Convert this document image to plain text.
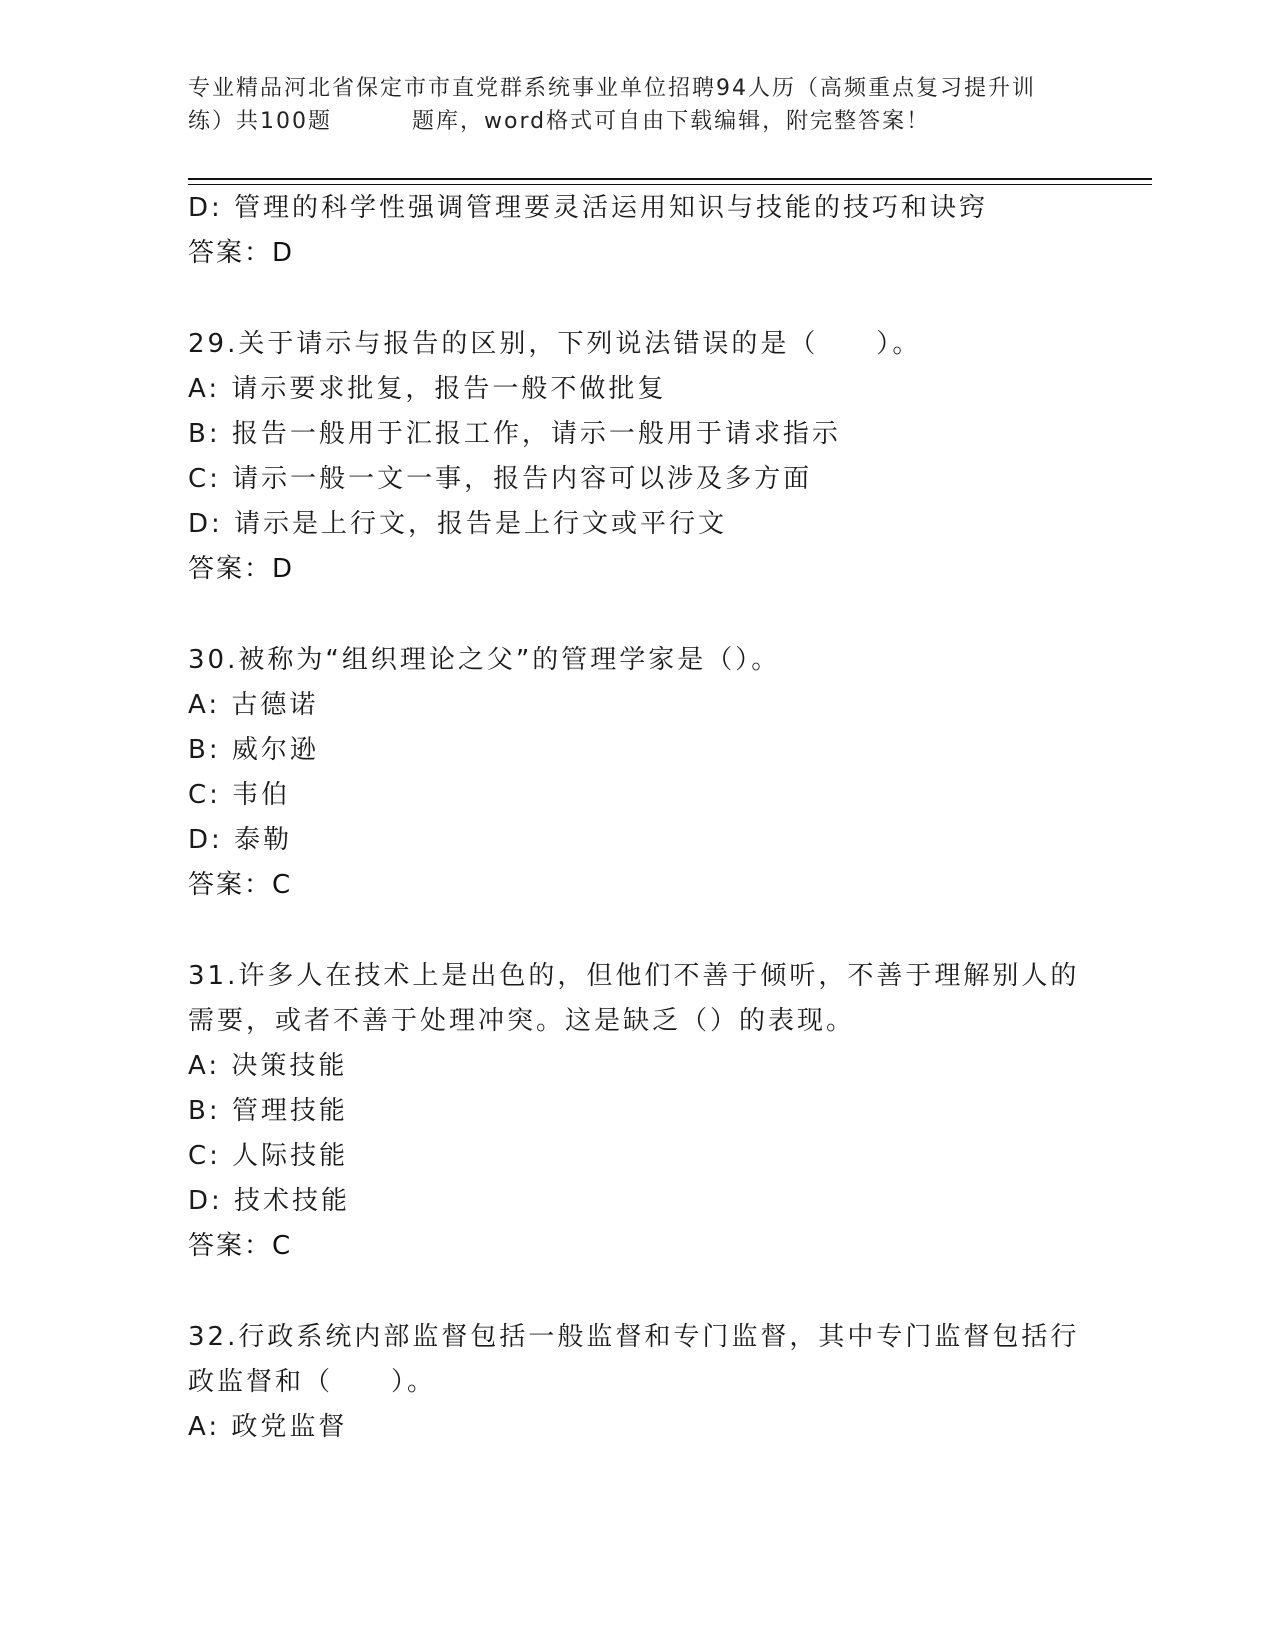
专业精品河北省保定市市直党群系统事业单位招聘94人历（高频重点复习提升训
练）共100题	题库，word格式可自由下载编辑，附完整答案！
D: 管理的科学性强调管理要灵活运用知识与技能的技巧和诀窍
答案：D
29.关于请示与报告的区别，下列说法错误的是（　　）。
A: 请示要求批复，报告一般不做批复
B: 报告一般用于汇报工作，请示一般用于请求指示
C: 请示一般一文一事，报告内容可以涉及多方面
D: 请示是上行文，报告是上行文或平行文
答案：D
30.被称为“组织理论之父”的管理学家是（）。
A: 古德诺
B: 威尔逊
C: 韦伯
D: 泰勒
答案：C
31.许多人在技术上是出色的，但他们不善于倾听，不善于理解别人的
需要，或者不善于处理冲突。这是缺乏（）的表现。
A: 决策技能
B: 管理技能
C: 人际技能
D: 技术技能
答案：C
32.行政系统内部监督包括一般监督和专门监督，其中专门监督包括行
政监督和（　　）。
A: 政党监督
